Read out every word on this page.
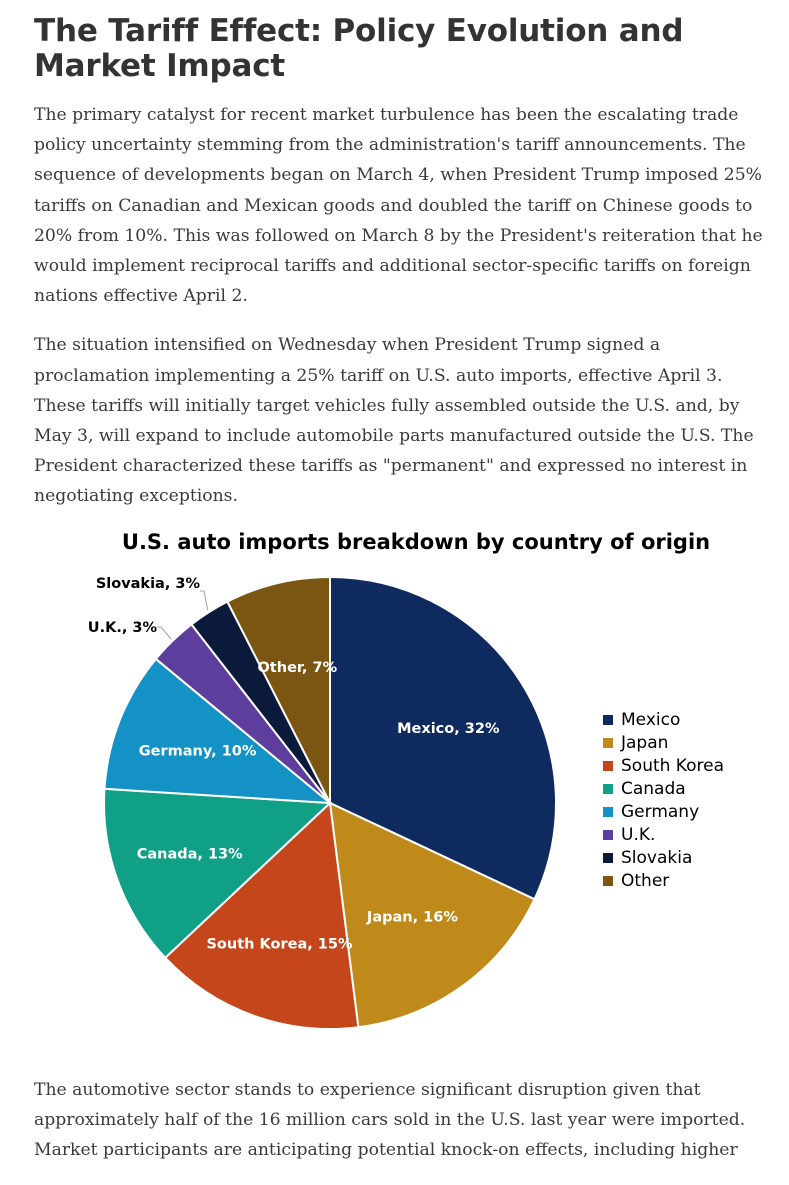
The Tariff Effect: Policy Evolution and Market Impact

The primary catalyst for recent market turbulence has been the escalating trade policy uncertainty stemming from the administration's tariff announcements. The sequence of developments began on March 4, when President Trump imposed 25% tariffs on Canadian and Mexican goods and doubled the tariff on Chinese goods to 20% from 10%. This was followed on March 8 by the President's reiteration that he would implement reciprocal tariffs and additional sector-specific tariffs on foreign nations effective April 2.

The situation intensified on Wednesday when President Trump signed a proclamation implementing a 25% tariff on U.S. auto imports, effective April 3. These tariffs will initially target vehicles fully assembled outside the U.S. and, by May 3, will expand to include automobile parts manufactured outside the U.S. The President characterized these tariffs as "permanent" and expressed no interest in negotiating exceptions.

U.S. auto imports breakdown by country of origin
Mexico, 32%
Japan, 16%
South Korea, 15%
Canada, 13%
Germany, 10%
U.K., 3%
Slovakia, 3%
Other, 7%
Mexico
Japan
South Korea
Canada
Germany
U.K.
Slovakia
Other

The automotive sector stands to experience significant disruption given that approximately half of the 16 million cars sold in the U.S. last year were imported. Market participants are anticipating potential knock-on effects, including higher
